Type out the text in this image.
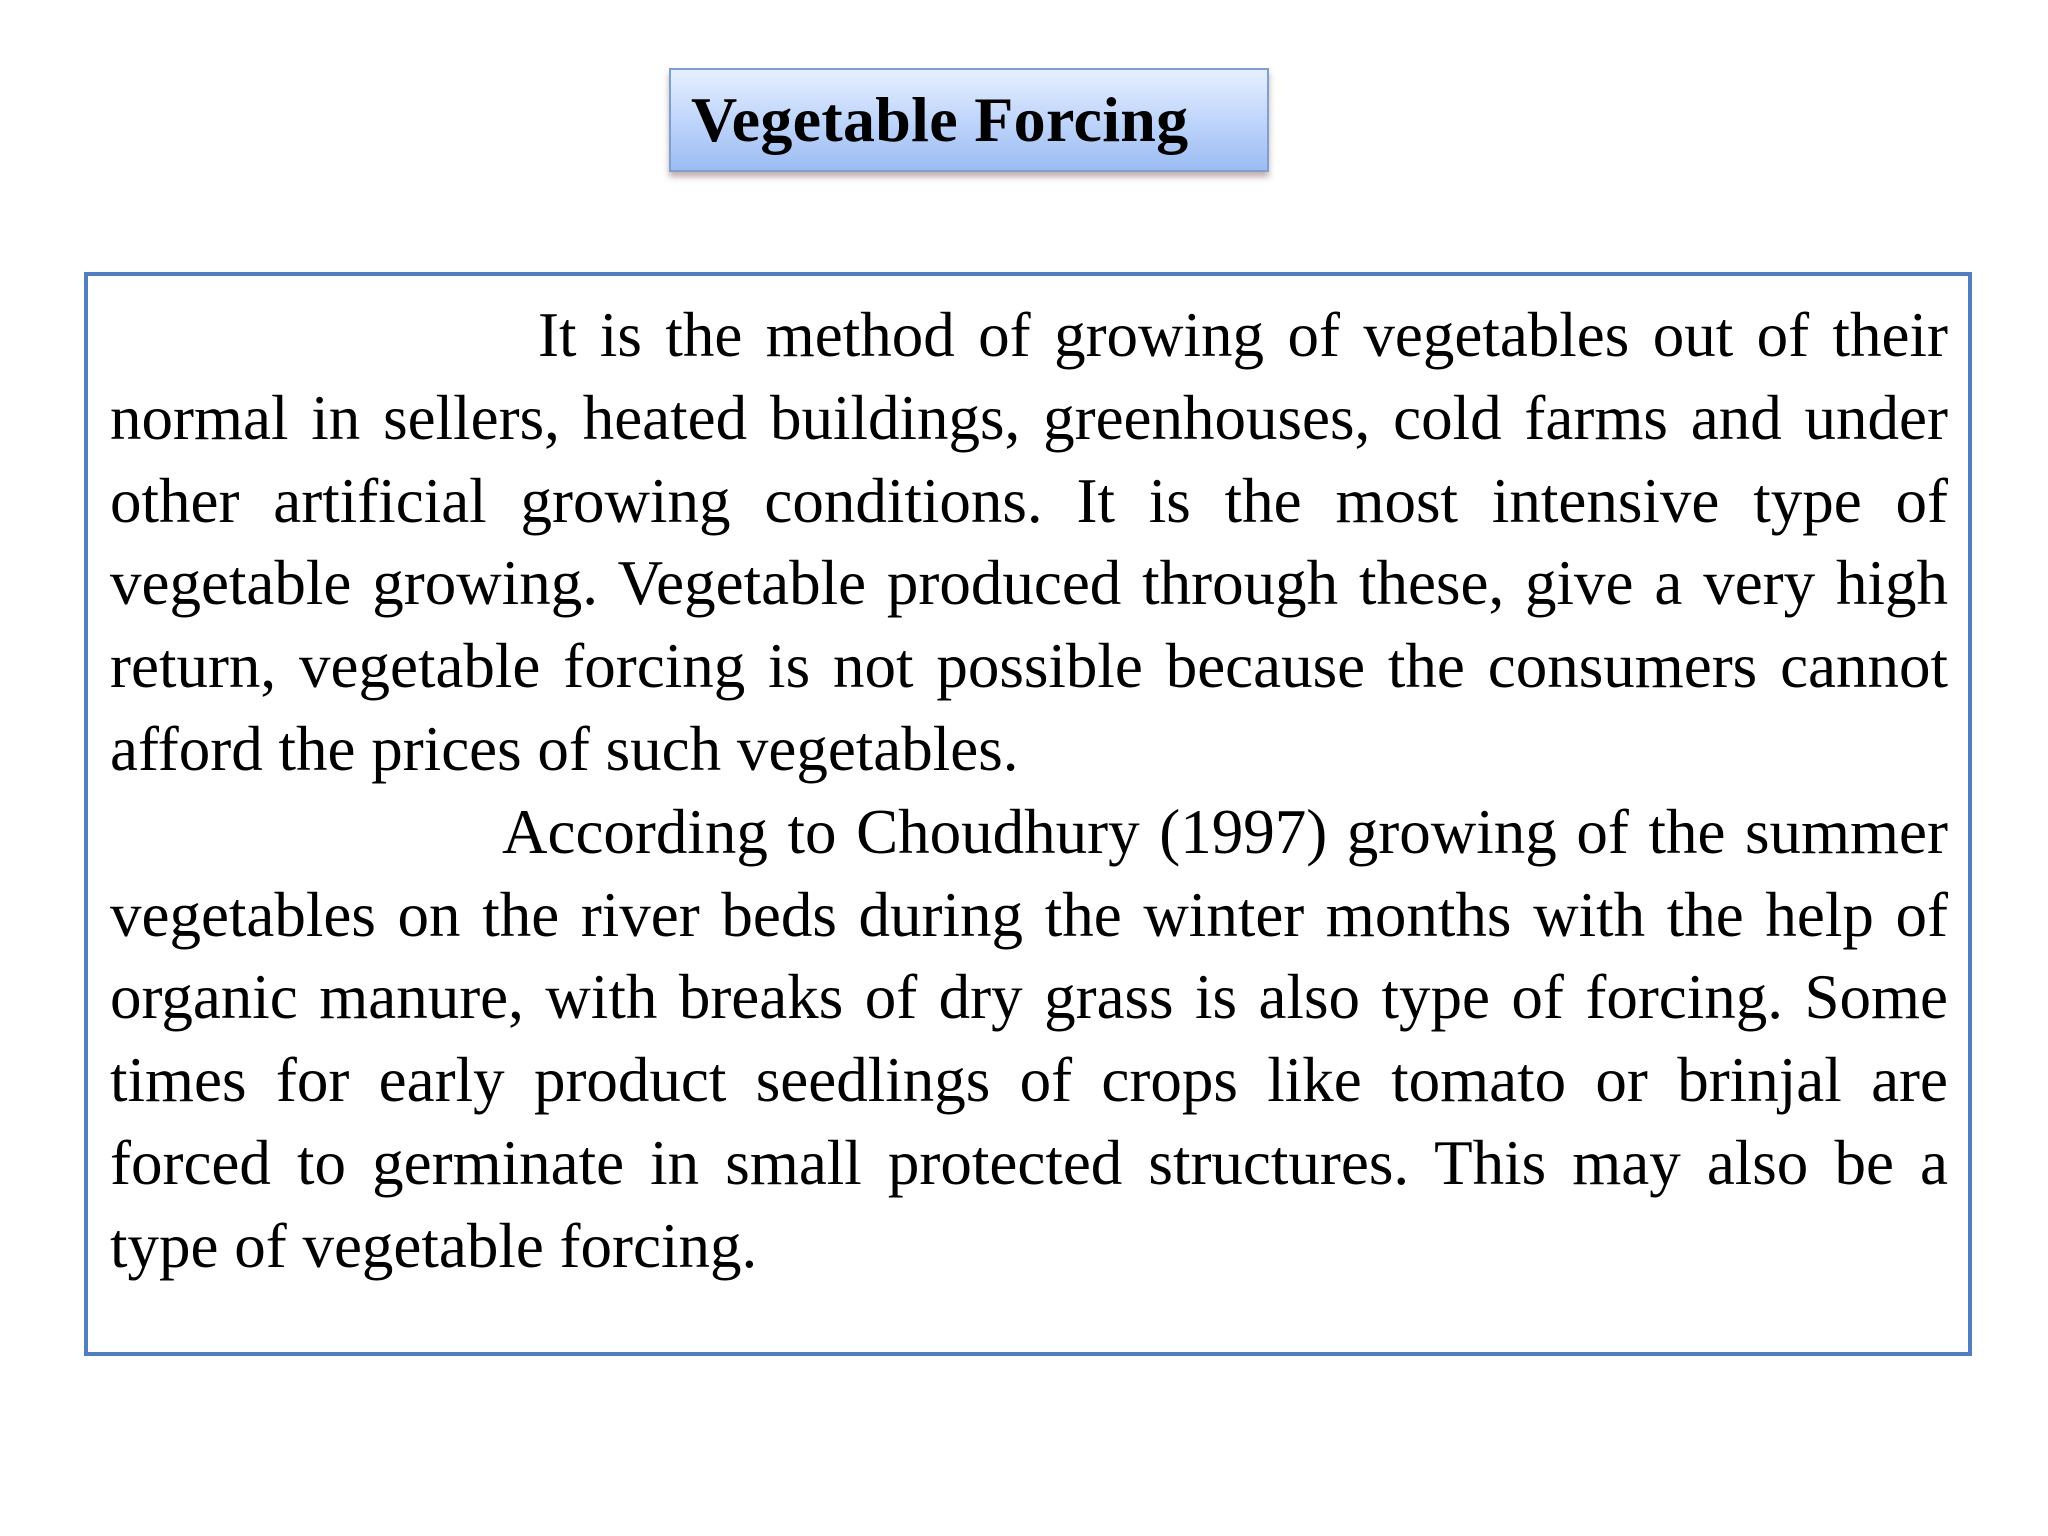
Vegetable Forcing

It is the method of growing of vegetables out of their normal in sellers, heated buildings, greenhouses, cold farms and under other artificial growing conditions. It is the most intensive type of vegetable growing. Vegetable produced through these, give a very high return, vegetable forcing is not possible because the consumers cannot afford the prices of such vegetables.

According to Choudhury (1997) growing of the summer vegetables on the river beds during the winter months with the help of organic manure, with breaks of dry grass is also type of forcing. Some times for early product seedlings of crops like tomato or brinjal are forced to germinate in small protected structures. This may also be a type of vegetable forcing.
